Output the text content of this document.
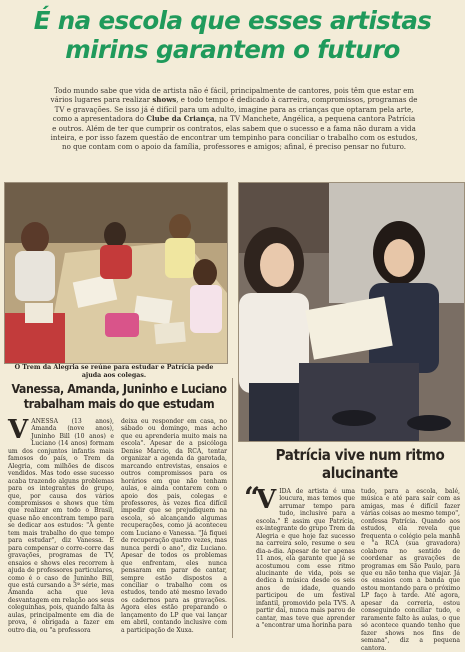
É na escola que esses artistas
mirins garantem o futuro
Todo mundo sabe que vida de artista não é fácil, principalmente de cantores, pois têm que estar em vários lugares para realizar shows, e todo tempo é dedicado à carreira, compromissos, programas de TV e gravações. Se isso já é difícil para um adulto, imagine para as crianças que optaram pela arte, como a apresentadora do Clube da Criança, na TV Manchete, Angélica, a pequena cantora Patrícia e outros. Além de ter que cumprir os contratos, elas sabem que o sucesso e a fama não duram a vida inteira, e por isso fazem questão de encontrar um tempinho para conciliar o trabalho com os estudos, no que contam com o apoio da família, professores e amigos; afinal, é preciso pensar no futuro.
O Trem da Alegria se reúne para estudar e Patrícia pede ajuda aos colegas.
Vanessa, Amanda, Juninho e Luciano trabalham mais do que estudam
VANESSA (13 anos), Amanda (nove anos), Juninho Bill (10 anos) e Luciano (14 anos) formam um dos conjuntos infantis mais famosos do país, o Trem da Alegria, com milhões de discos vendidos. Mas todo esse sucesso acaba trazendo alguns problemas para os integrantes do grupo, que, por causa dos vários compromissos e shows que têm que realizar em todo o Brasil, quase não encontram tempo para se dedicar aos estudos: "A gente tem mais trabalho do que tempo para estudar", diz Vanessa. E para compensar o corre-corre das gravações, programas de TV, ensaios e shows eles recorrem à ajuda de professores particulares, como é o caso de Juninho Bill, que está cursando a 3ª série, mas Amanda acha que leva desvantagem em relação aos seus coleguinhas, pois, quando falta às aulas, principalmente em dia de prova, é obrigada a fazer em outro dia, ou "a professora
deixa eu responder em casa, no sábado ou domingo, mas acho que eu aprenderia muito mais na escola". Apesar de a psicóloga Denise Marcio, da RCA, tentar organizar a agenda da garotada, marcando entrevistas, ensaios e outros compromissos para os horários em que não tenham aulas, e ainda contarem com o apoio dos pais, colegas e professores, às vezes fica difícil impedir que se prejudiquem na escola, só alcançando algumas recuperações, como já aconteceu com Luciano e Vanessa. "Já fiquei de recuperação quatro vezes, mas nunca perdi o ano", diz Luciano. Apesar de todos os problemas que enfrentam, eles nunca pensaram em parar de cantar, sempre estão dispostos a conciliar o trabalho com os estudos, tendo até mesmo levado os cadernos para as gravações. Agora eles estão preparando o lançamento do LP que vai lançar em abril, contando inclusive com a participação de Xuxa.
Patrícia vive num ritmo alucinante
“
VIDA de artista é uma loucura, mas temos que arrumar tempo para tudo, inclusive para a escola." É assim que Patrícia, ex-integrante do grupo Trem da Alegria e que hoje faz sucesso na carreira solo, resume o seu dia-a-dia. Apesar de ter apenas 11 anos, ela garante que já se acostumou com esse ritmo alucinante de vida, pois se dedica à música desde os seis anos de idade, quando participou de um festival infantil, promovido pela TVS. A partir daí, nunca mais parou de cantar, mas teve que aprender a "encontrar uma horinha para
tudo, para a escola, balé, música e até para sair com as amigas, mas é difícil fazer várias coisas ao mesmo tempo", confessa Patrícia. Quando aos estudos, ela revela que frequenta o colégio pela manhã e "a RCA (sua gravadora) colabora no sentido de coordenar as gravações de programas em São Paulo, para que eu não tenha que viajar. Já os ensaios com a banda que estou montando para o próximo LP faço à tarde. Até agora, apesar da correria, estou conseguindo conciliar tudo, e raramente falto às aulas, o que só acontece quando tenho que fazer shows nos fins de semana", diz a pequena cantora.
